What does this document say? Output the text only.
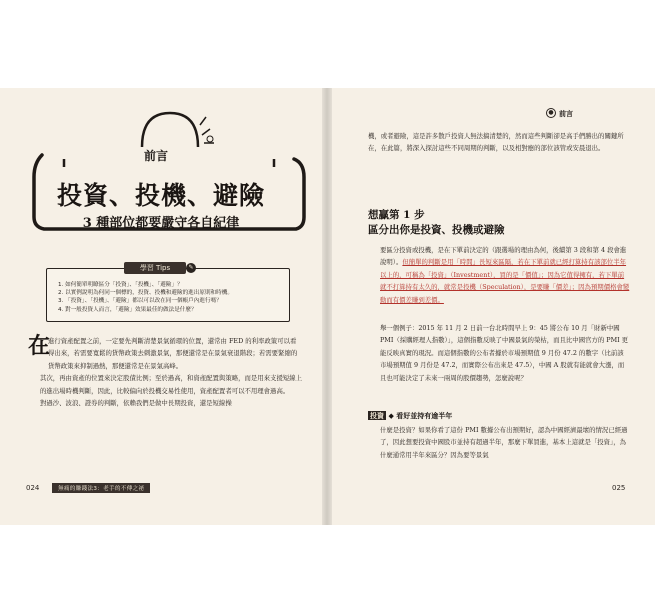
前言
投資、投機、避險
3 種部位都要嚴守各自紀律
學習 Tips	✎
1. 如何簡單明瞭區分「投資」、「投機」、「避險」？
2. 以實例說明為何同一個標的，投資、投機和避險的進出原則和時機。
3. 「投資」、「投機」、「避險」都以可以改在同一個帳戶內進行嗎？
4. 對一般投資人而言，「避險」效果最佳的做法是什麼？
在

進行資產配置之前，一定要先判斷清楚景氣循環的位置，還常由 FED 的利率政策可以看得出來，若需要寬鬆的貨幣政策去刺激景氣，那便還常是在景氣衰退階段；若需要緊縮的貨幣政策來抑制過熱，那便還常是在景氣高峰。

其次，再由資產的位置來決定股債比例；至於過高，和資產配置與策略，而是用來支援短線上的進出場時機判斷，因此，比較偏向於投機交易性使用，資產配置者可以不用理會過高。

對過沙、波浪、證券的判斷，依賴我們是做中長期投資，還是短線操

024	無痛的賺錢法3：老手的不傳之祕
● 前言
機，或者避險，這是許多散戶投資人無法搞清楚的，然而這些判斷卻是高手們勝出的關鍵所在，在此篇，將深入探討這些不同周期的判斷，以及相對應的部位該管或安晨退出。
想贏第 1 步
區分出你是投資、投機或避險
要區分投資或投機，是在下單前決定的（跟選場的理由為何，後續第 3 段和第 4 段會進說明）。但簡單的判斷是用「時間」長短來區隔，若在下單前就已經打算持有該部位半年以上的，可稱為「投資」（Investment），買的是「價值」；因為它值得擁有，若下單前就不打算持有太久的，就常是投機（Speculation），是要賺「價差」；因為預期價格會變動而有價差賺到差價。
舉一個例子：2015 年 11 月 2 日前一台北時間早上 9：45 將公布 10 月「財新中國 PMI（採購經理人指數）」，這個指數反映了中國景氣的榮枯，而且比中國官方的 PMI 更能反映真實的現況。而這個指數的公布者據於市場預期值 9 月份 47.2 的數字（比前該市場預期值 9 月份是 47.2，而實際公布出來是 47.5），中國 A 股就有能就會大漲，而且也可能決定了未來一兩周的股價趨勢，怎麼說呢？
投資 ◆ 看好並持有逾半年
什麼是投資？如果你看了這份 PMI 數據公布出預期好，認為中國經濟最壞的情況已經過了，因此想要投資中國股市並持有超過半年，那麼下單買進，基本上這就是「投資」，為什麼通常用半年來區分？因為要等景氣
025
